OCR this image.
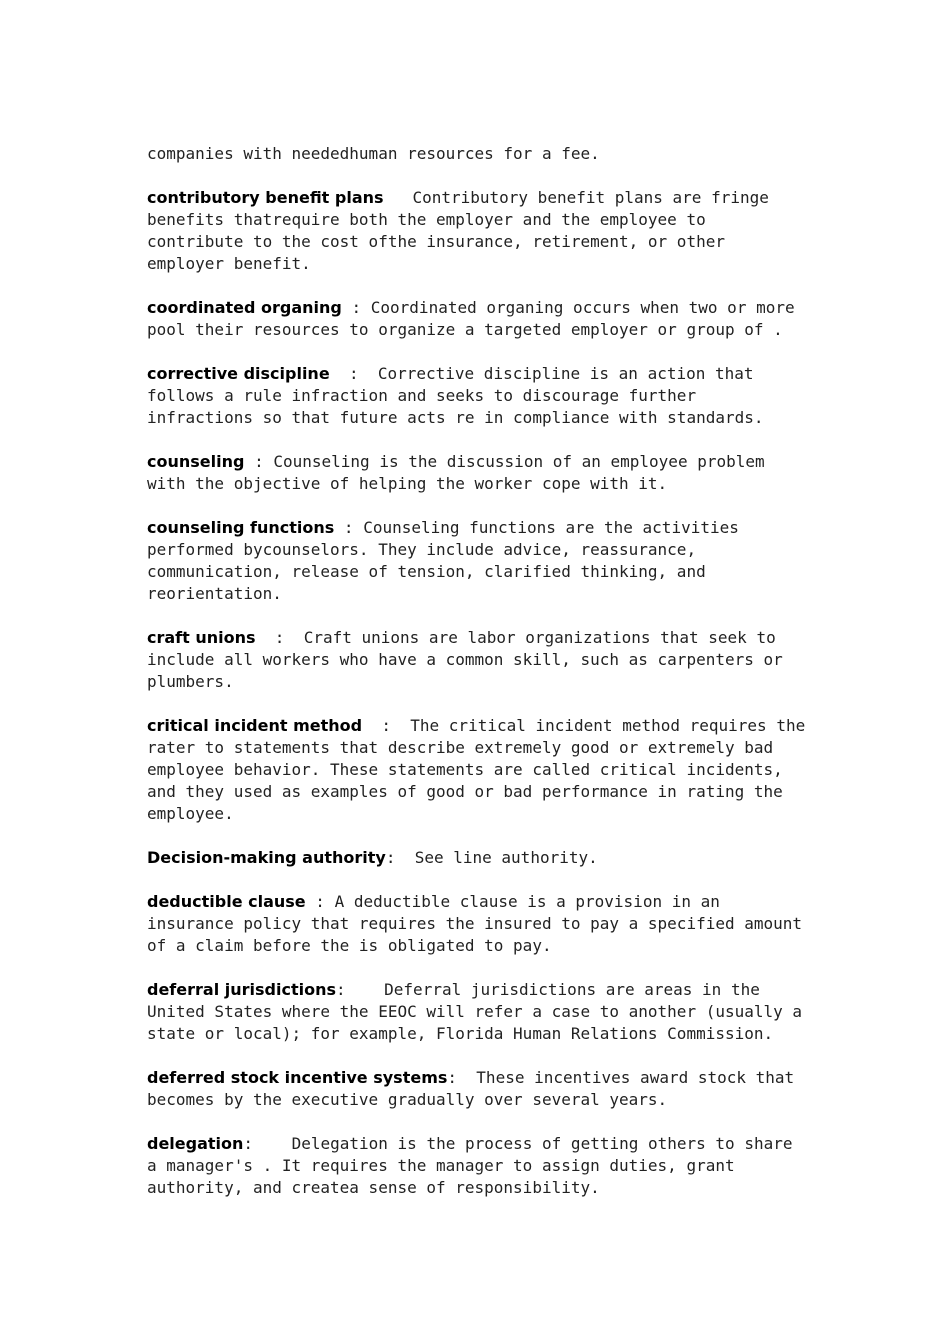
companies with neededhuman resources for a fee.

contributory benefit plans Contributory benefit plans are fringe benefits thatrequire both the employer and the employee to contribute to the cost ofthe insurance, retirement, or other employer benefit.

coordinated organing : Coordinated organing occurs when two or more pool their resources to organize a targeted employer or group of .

corrective discipline  :  Corrective discipline is an action that follows a rule infraction and seeks to discourage further infractions so that future acts re in compliance with standards.

counseling : Counseling is the discussion of an employee problem with the objective of helping the worker cope with it.

counseling functions : Counseling functions are the activities performed bycounselors. They include advice, reassurance, communication, release of tension, clarified thinking, and reorientation.

craft unions  :  Craft unions are labor organizations that seek to include all workers who have a common skill, such as carpenters or plumbers.

critical incident method  :  The critical incident method requires the rater to statements that describe extremely good or extremely bad employee behavior. These statements are called critical incidents, and they used as examples of good or bad performance in rating the employee.

Decision-making authority:  See line authority.

deductible clause : A deductible clause is a provision in an insurance policy that requires the insured to pay a specified amount of a claim before the is obligated to pay.

deferral jurisdictions:    Deferral jurisdictions are areas in the United States where the EEOC will refer a case to another (usually a state or local); for example, Florida Human Relations Commission.

deferred stock incentive systems:  These incentives award stock that becomes by the executive gradually over several years.

delegation:    Delegation is the process of getting others to share a manager's . It requires the manager to assign duties, grant authority, and createa sense of responsibility.
